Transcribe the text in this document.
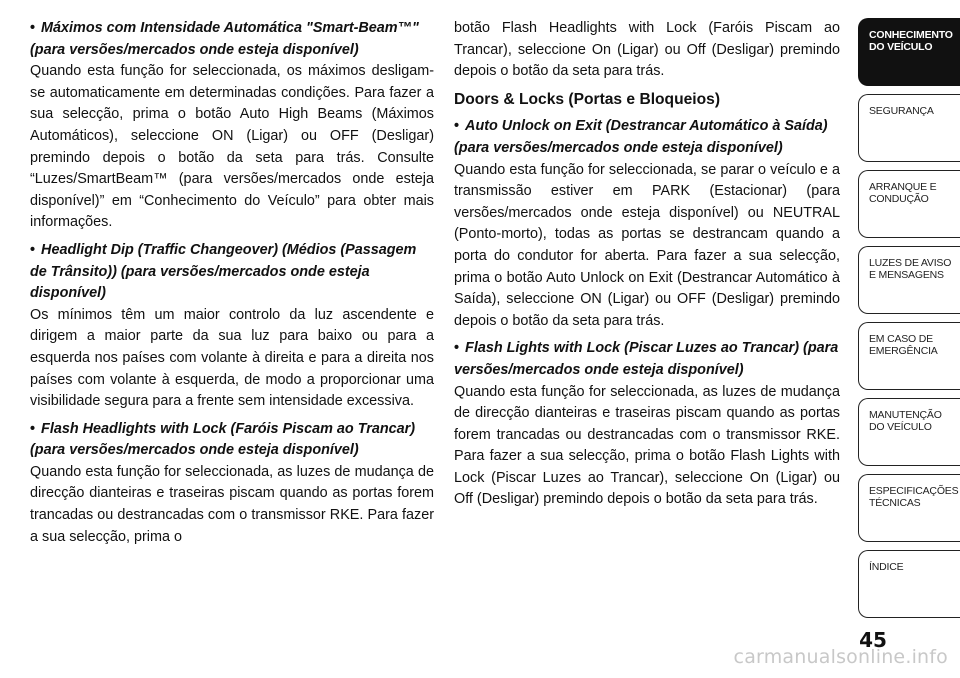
• Máximos com Intensidade Automática "Smart-Beam™" (para versões/mercados onde esteja disponível)

Quando esta função for seleccionada, os máximos desligam-se automaticamente em determinadas condições. Para fazer a sua selecção, prima o botão Auto High Beams (Máximos Automáticos), seleccione ON (Ligar) ou OFF (Desligar) premindo depois o botão da seta para trás. Consulte “Luzes/SmartBeam™ (para versões/mercados onde esteja disponível)” em “Conhecimento do Veículo” para obter mais informações.

• Headlight Dip (Traffic Changeover) (Médios (Passagem de Trânsito)) (para versões/mercados onde esteja disponível)

Os mínimos têm um maior controlo da luz ascendente e dirigem a maior parte da sua luz para baixo ou para a esquerda nos países com volante à direita e para a direita nos países com volante à esquerda, de modo a proporcionar uma visibilidade segura para a frente sem intensidade excessiva.

• Flash Headlights with Lock (Faróis Piscam ao Trancar) (para versões/mercados onde esteja disponível)

Quando esta função for seleccionada, as luzes de mudança de direcção dianteiras e traseiras piscam quando as portas forem trancadas ou destrancadas com o transmissor RKE. Para fazer a sua selecção, prima o

botão Flash Headlights with Lock (Faróis Piscam ao Trancar), seleccione On (Ligar) ou Off (Desligar) premindo depois o botão da seta para trás.

Doors & Locks (Portas e Bloqueios)

• Auto Unlock on Exit (Destrancar Automático à Saída) (para versões/mercados onde esteja disponível)

Quando esta função for seleccionada, se parar o veículo e a transmissão estiver em PARK (Estacionar) (para versões/mercados onde esteja disponível) ou NEUTRAL (Ponto-morto), todas as portas se destrancam quando a porta do condutor for aberta. Para fazer a sua selecção, prima o botão Auto Unlock on Exit (Destrancar Automático à Saída), seleccione ON (Ligar) ou OFF (Desligar) premindo depois o botão da seta para trás.

• Flash Lights with Lock (Piscar Luzes ao Trancar) (para versões/mercados onde esteja disponível)

Quando esta função for seleccionada, as luzes de mudança de direcção dianteiras e traseiras piscam quando as portas forem trancadas ou destrancadas com o transmissor RKE. Para fazer a sua selecção, prima o botão Flash Lights with Lock (Piscar Luzes ao Trancar), seleccione On (Ligar) ou Off (Desligar) premindo depois o botão da seta para trás.

CONHECIMENTO DO VEÍCULO
SEGURANÇA
ARRANQUE E CONDUÇÃO
LUZES DE AVISO E MENSAGENS
EM CASO DE EMERGÊNCIA
MANUTENÇÃO DO VEÍCULO
ESPECIFICAÇÕES TÉCNICAS
ÍNDICE
45
carmanualsonline.info
